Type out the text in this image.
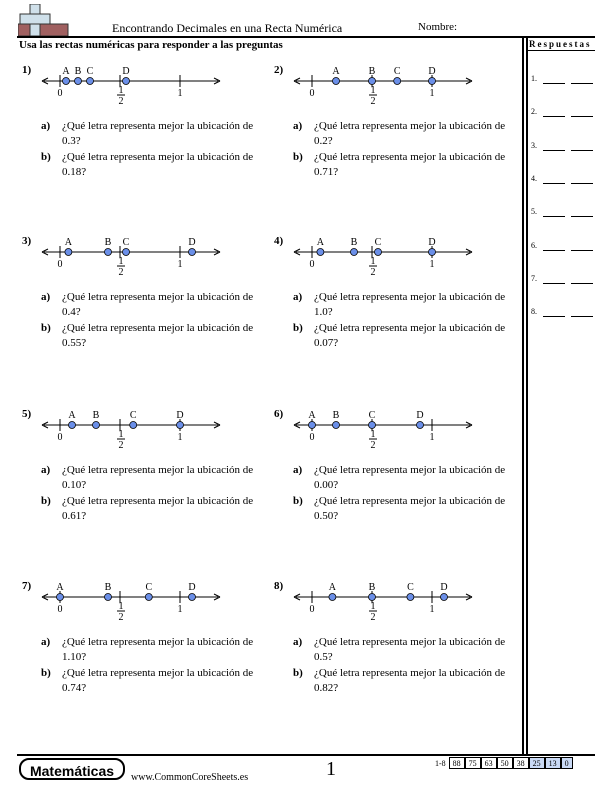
Encontrando Decimales en una Recta Numérica	Nombre:
Usa las rectas numéricas para responder a las preguntas	Respuestas
1.
2.
3.
4.
5.
6.
7.
8.
1)
0	1
1
2
A B C	D
a) ¿Qué letra representa mejor la ubicación de 0.3?
b) ¿Qué letra representa mejor la ubicación de 0.18?
2)
0	1
1
2
A	B C	D
a) ¿Qué letra representa mejor la ubicación de 0.2?
b) ¿Qué letra representa mejor la ubicación de 0.71?
3)
0	1
1
2
A	B C	D
a) ¿Qué letra representa mejor la ubicación de 0.4?
b) ¿Qué letra representa mejor la ubicación de 0.55?
4)
0	1
1
2
A	B C	D
a) ¿Qué letra representa mejor la ubicación de 1.0?
b) ¿Qué letra representa mejor la ubicación de 0.07?
5)
0	1
1
2
A B	C	D
a) ¿Qué letra representa mejor la ubicación de 0.10?
b) ¿Qué letra representa mejor la ubicación de 0.61?
6)
0	1
1
2
A B	C	D
a) ¿Qué letra representa mejor la ubicación de 0.00?
b) ¿Qué letra representa mejor la ubicación de 0.50?
7)
0	1
1
2
A	B	C	D
a) ¿Qué letra representa mejor la ubicación de 1.10?
b) ¿Qué letra representa mejor la ubicación de 0.74?
8)
0	1
1
2
A	B	C	D
a) ¿Qué letra representa mejor la ubicación de 0.5?
b) ¿Qué letra representa mejor la ubicación de 0.82?
Matemáticas	www.CommonCoreSheets.es	1	1-8	88	75	63	50	38	25	13	0
